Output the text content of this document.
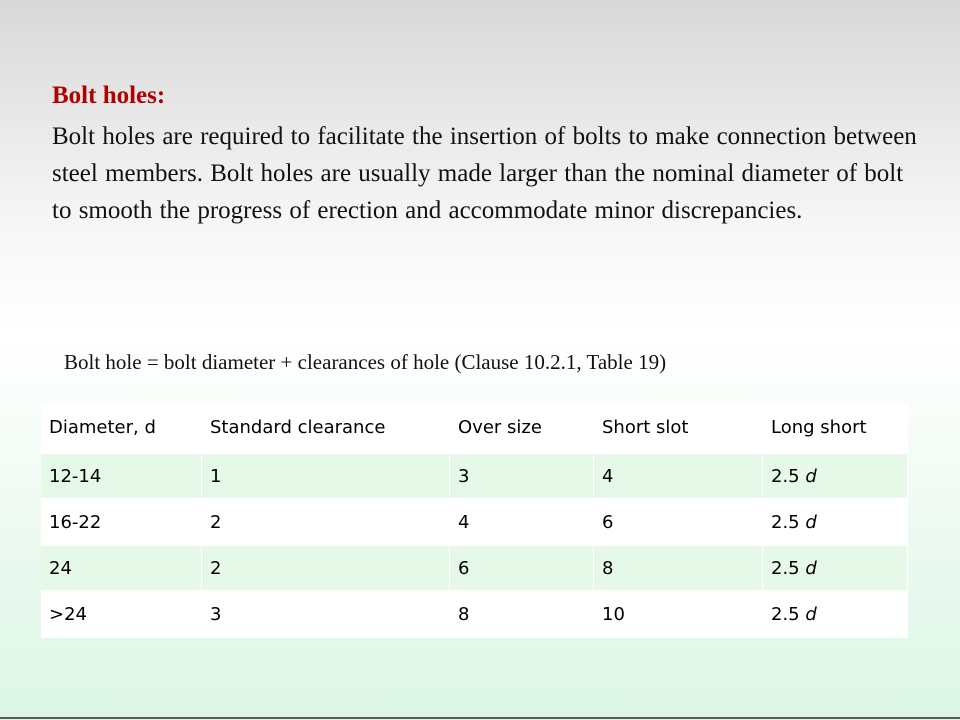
Bolt holes:

Bolt holes are required to facilitate the insertion of bolts to make connection between steel members. Bolt holes are usually made larger than the nominal diameter of bolt to smooth the progress of erection and accommodate minor discrepancies.

Bolt hole = bolt diameter + clearances of hole (Clause 10.2.1, Table 19)

Diameter, d	Standard clearance	Over size	Short slot	Long short
12-14	1	3	4	2.5 d
16-22	2	4	6	2.5 d
24	2	6	8	2.5 d
>24	3	8	10	2.5 d
